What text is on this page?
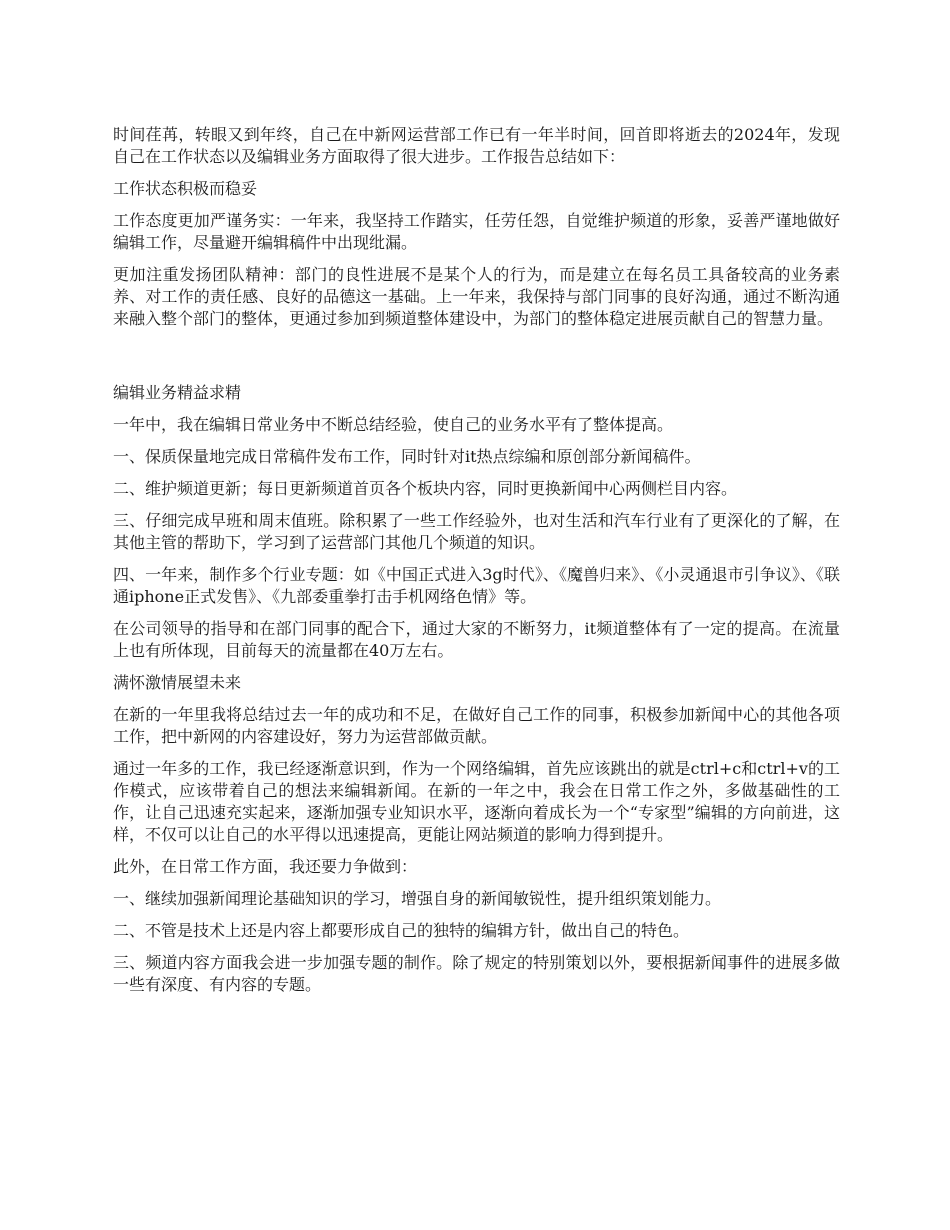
时间荏苒，转眼又到年终，自己在中新网运营部工作已有一年半时间，回首即将逝去的2024年，发现自己在工作状态以及编辑业务方面取得了很大进步。工作报告总结如下：

工作状态积极而稳妥

工作态度更加严谨务实：一年来，我坚持工作踏实，任劳任怨，自觉维护频道的形象，妥善严谨地做好编辑工作，尽量避开编辑稿件中出现纰漏。

更加注重发扬团队精神：部门的良性进展不是某个人的行为，而是建立在每名员工具备较高的业务素养、对工作的责任感、良好的品德这一基础。上一年来，我保持与部门同事的良好沟通，通过不断沟通来融入整个部门的整体，更通过参加到频道整体建设中，为部门的整体稳定进展贡献自己的智慧力量。

编辑业务精益求精

一年中，我在编辑日常业务中不断总结经验，使自己的业务水平有了整体提高。

一、保质保量地完成日常稿件发布工作，同时针对it热点综编和原创部分新闻稿件。

二、维护频道更新；每日更新频道首页各个板块内容，同时更换新闻中心两侧栏目内容。

三、仔细完成早班和周末值班。除积累了一些工作经验外，也对生活和汽车行业有了更深化的了解，在其他主管的帮助下，学习到了运营部门其他几个频道的知识。

四、一年来，制作多个行业专题：如《中国正式进入3g时代》、《魔兽归来》、《小灵通退市引争议》、《联通iphone正式发售》、《九部委重拳打击手机网络色情》等。

在公司领导的指导和在部门同事的配合下，通过大家的不断努力，it频道整体有了一定的提高。在流量上也有所体现，目前每天的流量都在40万左右。

满怀激情展望未来

在新的一年里我将总结过去一年的成功和不足，在做好自己工作的同事，积极参加新闻中心的其他各项工作，把中新网的内容建设好，努力为运营部做贡献。

通过一年多的工作，我已经逐渐意识到，作为一个网络编辑，首先应该跳出的就是ctrl+c和ctrl+v的工作模式，应该带着自己的想法来编辑新闻。在新的一年之中，我会在日常工作之外，多做基础性的工作，让自己迅速充实起来，逐渐加强专业知识水平，逐渐向着成长为一个“专家型”编辑的方向前进，这样，不仅可以让自己的水平得以迅速提高，更能让网站频道的影响力得到提升。

此外，在日常工作方面，我还要力争做到：

一、继续加强新闻理论基础知识的学习，增强自身的新闻敏锐性，提升组织策划能力。

二、不管是技术上还是内容上都要形成自己的独特的编辑方针，做出自己的特色。

三、频道内容方面我会进一步加强专题的制作。除了规定的特别策划以外，要根据新闻事件的进展多做一些有深度、有内容的专题。
